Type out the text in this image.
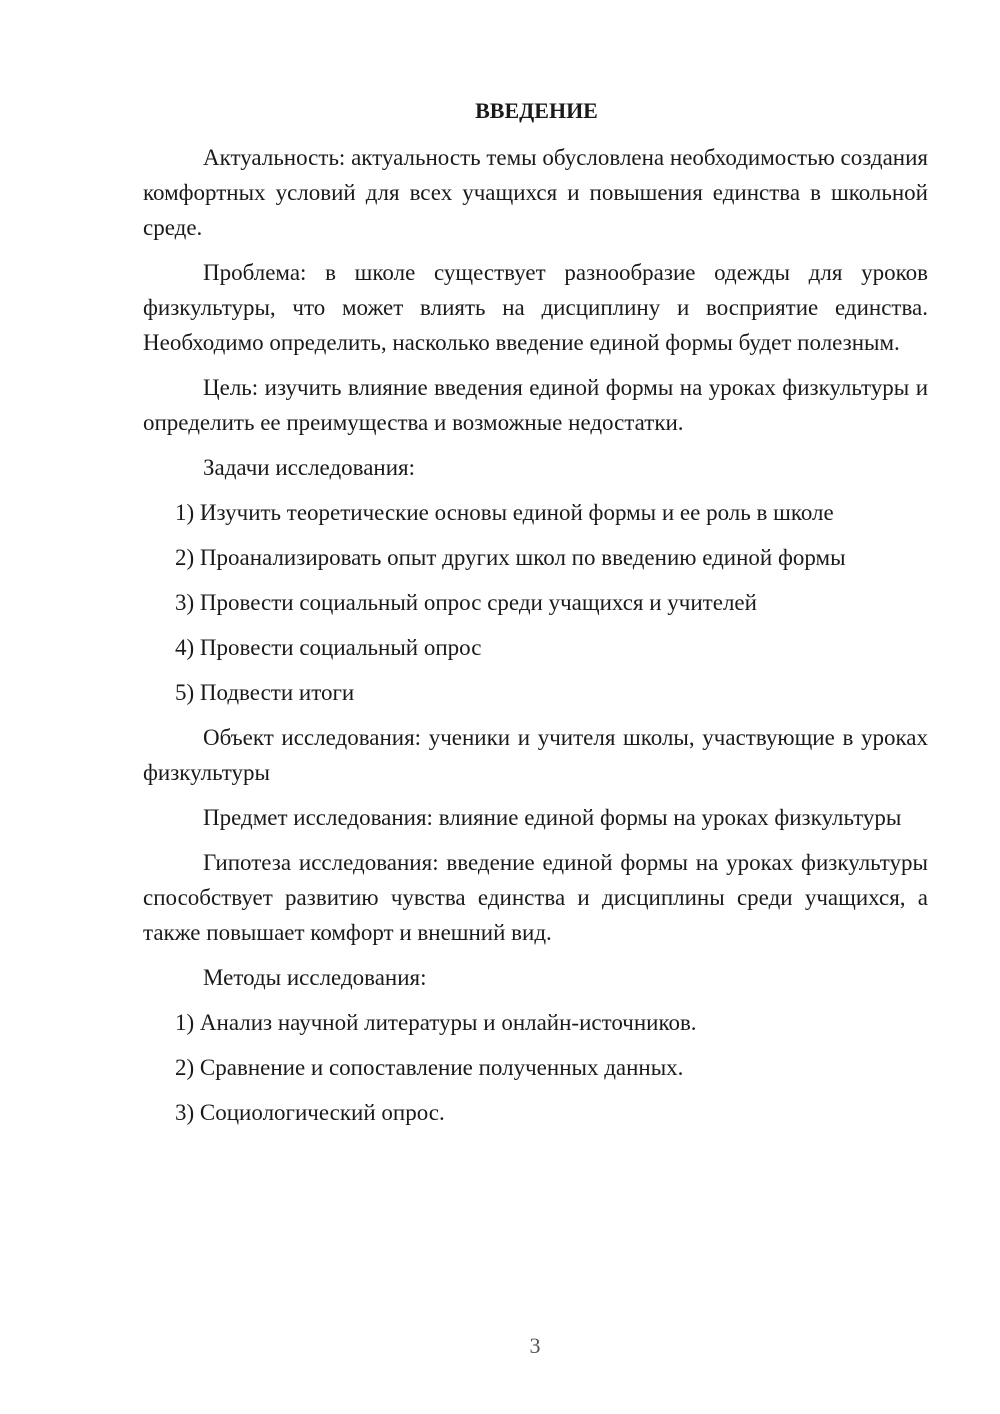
ВВЕДЕНИЕ
Актуальность: актуальность темы обусловлена необходимостью создания комфортных условий для всех учащихся и повышения единства в школьной среде.
Проблема: в школе существует разнообразие одежды для уроков физкультуры, что может влиять на дисциплину и восприятие единства. Необходимо определить, насколько введение единой формы будет полезным.
Цель: изучить влияние введения единой формы на уроках физкультуры и определить ее преимущества и возможные недостатки.
Задачи исследования:
1) Изучить теоретические основы единой формы и ее роль в школе
2) Проанализировать опыт других школ по введению единой формы
3) Провести социальный опрос среди учащихся и учителей
4) Провести социальный опрос
5) Подвести итоги
Объект исследования: ученики и учителя школы, участвующие в уроках физкультуры
Предмет исследования: влияние единой формы на уроках физкультуры
Гипотеза исследования: введение единой формы на уроках физкультуры способствует развитию чувства единства и дисциплины среди учащихся, а также повышает комфорт и внешний вид.
Методы исследования:
1) Анализ научной литературы и онлайн-источников.
2) Сравнение и сопоставление полученных данных.
3) Социологический опрос.
3
